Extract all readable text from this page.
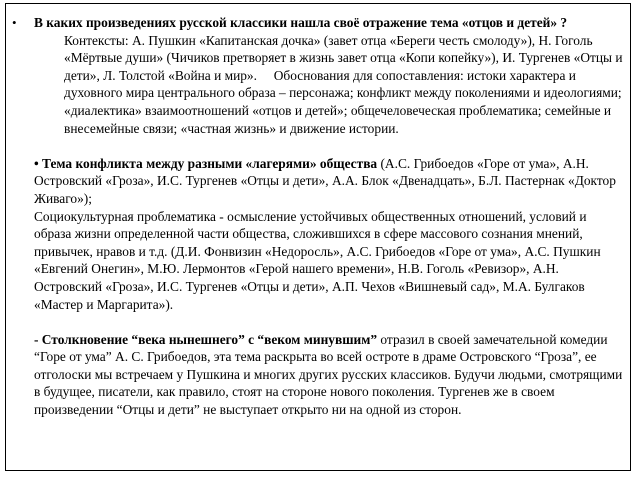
• В каких произведениях русской классики нашла своё отражение тема «отцов и детей» ?

Контексты: А. Пушкин «Капитанская дочка» (завет отца «Береги честь смолоду»), Н. Гоголь «Мёртвые души» (Чичиков претворяет в жизнь завет отца «Копи копейку»), И. Тургенев «Отцы и дети», Л. Толстой «Война и мир». Обоснования для сопоставления: истоки характера и духовного мира центрального образа – персонажа; конфликт между поколениями и идеологиями; «диалектика» взаимоотношений «отцов и детей»; общечеловеческая проблематика; семейные и внесемейные связи; «частная жизнь» и движение истории.

• Тема конфликта между разными «лагерями» общества (А.С. Грибоедов «Горе от ума», А.Н. Островский «Гроза», И.С. Тургенев «Отцы и дети», А.А. Блок «Двенадцать», Б.Л. Пастернак «Доктор Живаго»);

Социокультурная проблематика - осмысление устойчивых общественных отношений, условий и образа жизни определенной части общества, сложившихся в сфере массового сознания мнений, привычек, нравов и т.д. (Д.И. Фонвизин «Недоросль», А.С. Грибоедов «Горе от ума», А.С. Пушкин «Евгений Онегин», М.Ю. Лермонтов «Герой нашего времени», Н.В. Гоголь «Ревизор», А.Н. Островский «Гроза», И.С. Тургенев «Отцы и дети», А.П. Чехов «Вишневый сад», М.А. Булгаков «Мастер и Маргарита»).

- Столкновение “века нынешнего” с “веком минувшим” отразил в своей замечательной комедии “Горе от ума” А. С. Грибоедов, эта тема раскрыта во всей остроте в драме Островского “Гроза”, ее отголоски мы встречаем у Пушкина и многих других русских классиков. Будучи людьми, смотрящими в будущее, писатели, как правило, стоят на стороне нового поколения. Тургенев же в своем произведении “Отцы и дети” не выступает открыто ни на одной из сторон.
